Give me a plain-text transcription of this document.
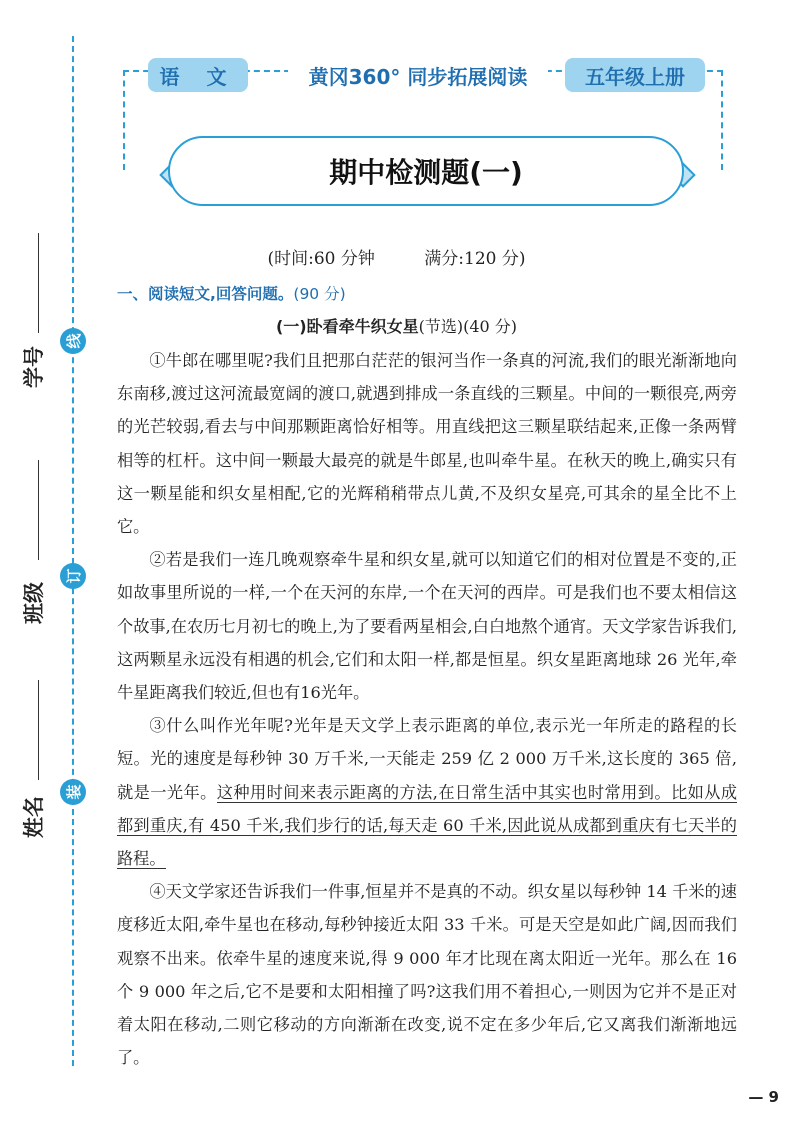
学号
线
班级
订
姓名
装
语 文	黄冈360° 同步拓展阅读	五年级上册
期中检测题(一)
(时间:60 分钟	满分:120 分)
一、阅读短文,回答问题。(90 分)
(一)卧看牵牛织女星(节选)(40 分)

①牛郎在哪里呢?我们且把那白茫茫的银河当作一条真的河流,我们的眼光渐渐地向东南移,渡过这河流最宽阔的渡口,就遇到排成一条直线的三颗星。中间的一颗很亮,两旁的光芒较弱,看去与中间那颗距离恰好相等。用直线把这三颗星联结起来,正像一条两臂相等的杠杆。这中间一颗最大最亮的就是牛郎星,也叫牵牛星。在秋天的晚上,确实只有这一颗星能和织女星相配,它的光辉稍稍带点儿黄,不及织女星亮,可其余的星全比不上它。

②若是我们一连几晚观察牵牛星和织女星,就可以知道它们的相对位置是不变的,正如故事里所说的一样,一个在天河的东岸,一个在天河的西岸。可是我们也不要太相信这个故事,在农历七月初七的晚上,为了要看两星相会,白白地熬个通宵。天文学家告诉我们,这两颗星永远没有相遇的机会,它们和太阳一样,都是恒星。织女星距离地球 26 光年,牵牛星距离我们较近,但也有16光年。

③什么叫作光年呢?光年是天文学上表示距离的单位,表示光一年所走的路程的长短。光的速度是每秒钟 30 万千米,一天能走 259 亿 2 000 万千米,这长度的 365 倍,就是一光年。这种用时间来表示距离的方法,在日常生活中其实也时常用到。比如从成都到重庆,有 450 千米,我们步行的话,每天走 60 千米,因此说从成都到重庆有七天半的路程。

④天文学家还告诉我们一件事,恒星并不是真的不动。织女星以每秒钟 14 千米的速度移近太阳,牵牛星也在移动,每秒钟接近太阳 33 千米。可是天空是如此广阔,因而我们观察不出来。依牵牛星的速度来说,得 9 000 年才比现在离太阳近一光年。那么在 16 个 9 000 年之后,它不是要和太阳相撞了吗?这我们用不着担心,一则因为它并不是正对着太阳在移动,二则它移动的方向渐渐在改变,说不定在多少年后,它又离我们渐渐地远了。

— 9
